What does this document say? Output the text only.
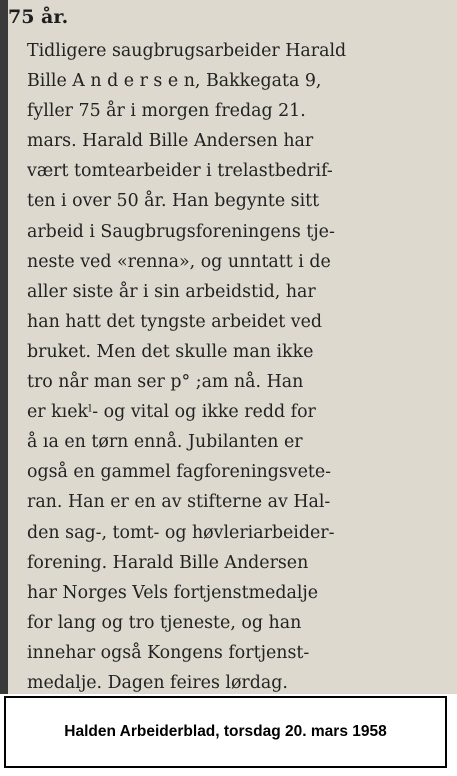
75 år.

Tidligere saugbrugsarbeider Harald
Bille A n d e r s e n, Bakkegata 9,
fyller 75 år i morgen fredag 21.
mars. Harald Bille Andersen har
vært tomtearbeider i trelastbedrif-
ten i over 50 år. Han begynte sitt
arbeid i Saugbrugsforeningens tje-
neste ved «renna», og unntatt i de
aller siste år i sin arbeidstid, har
han hatt det tyngste arbeidet ved
bruket. Men det skulle man ikke
tro når man ser p° ;am nå. Han
er kıekˡ- og vital og ikke redd for
å ıa en tørn ennå. Jubilanten er
også en gammel fagforeningsvete-
ran. Han er en av stifterne av Hal-
den sag-, tomt- og høvleriarbeider-
forening. Harald Bille Andersen
har Norges Vels fortjenstmedalje
for lang og tro tjeneste, og han
innehar også Kongens fortjenst-
medalje. Dagen feires lørdag.

Halden Arbeiderblad, torsdag 20. mars 1958
